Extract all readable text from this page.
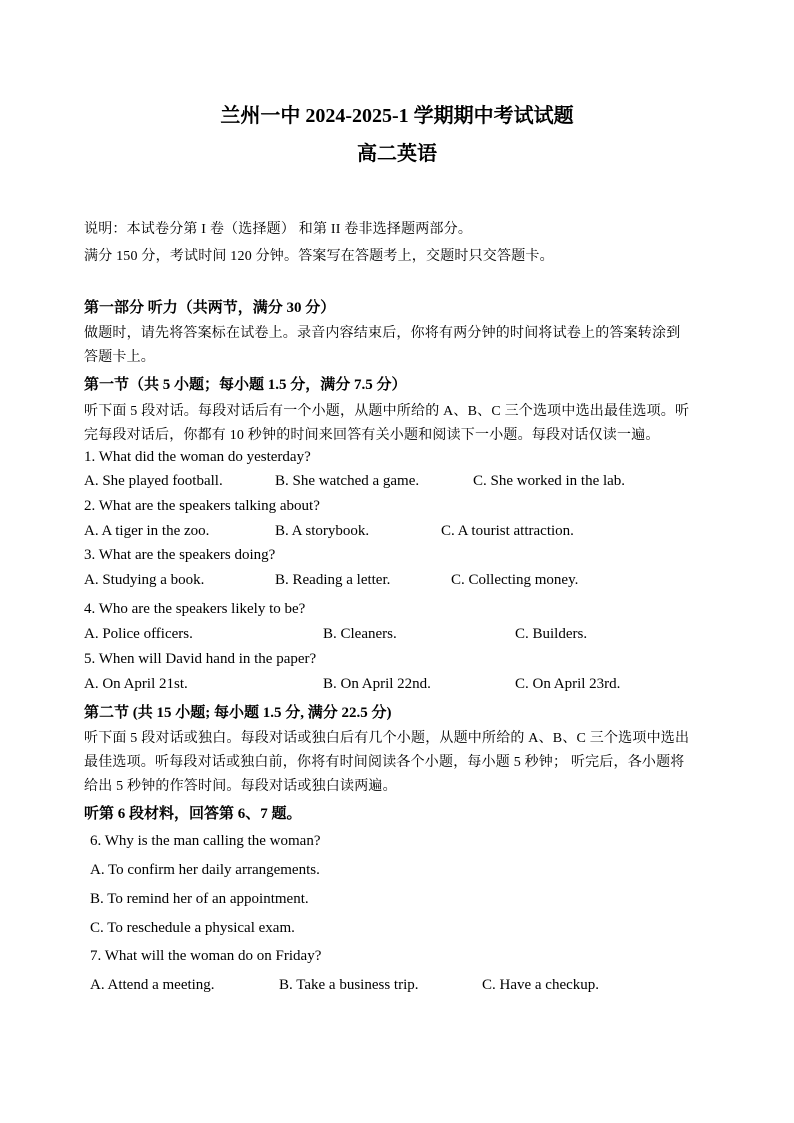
兰州一中 2024-2025-1 学期期中考试试题
高二英语
说明：本试卷分第 I 卷（选择题） 和第 II 卷非选择题两部分。
满分 150 分，考试时间 120 分钟。答案写在答题考上，交题时只交答题卡。
第一部分 听力（共两节，满分 30 分）
做题时，请先将答案标在试卷上。录音内容结束后，你将有两分钟的时间将试卷上的答案转涂到
答题卡上。
第一节（共 5 小题；每小题 1.5 分，满分 7.5 分）
听下面 5 段对话。每段对话后有一个小题，从题中所给的 A、B、C 三个选项中选出最佳选项。听
完每段对话后，你都有 10 秒钟的时间来回答有关小题和阅读下一小题。每段对话仅读一遍。
1. What did the woman do yesterday?
A. She played football.	B. She watched a game.	C. She worked in the lab.
2. What are the speakers talking about?
A. A tiger in the zoo.	B. A storybook.	C. A tourist attraction.
3. What are the speakers doing?
A. Studying a book.	B. Reading a letter.	C. Collecting money.
4. Who are the speakers likely to be?
A. Police officers.	B. Cleaners.	C. Builders.
5. When will David hand in the paper?
A. On April 21st.	B. On April 22nd.	C. On April 23rd.
第二节 (共 15 小题; 每小题 1.5 分, 满分 22.5 分)
听下面 5 段对话或独白。每段对话或独白后有几个小题，从题中所给的 A、B、C 三个选项中选出
最佳选项。听每段对话或独白前，你将有时间阅读各个小题，每小题 5 秒钟； 听完后，各小题将
给出 5 秒钟的作答时间。每段对话或独白读两遍。
听第 6 段材料，回答第 6、7 题。
6. Why is the man calling the woman?
A. To confirm her daily arrangements.
B. To remind her of an appointment.
C. To reschedule a physical exam.
7. What will the woman do on Friday?
A. Attend a meeting.	B. Take a business trip.	C. Have a checkup.
